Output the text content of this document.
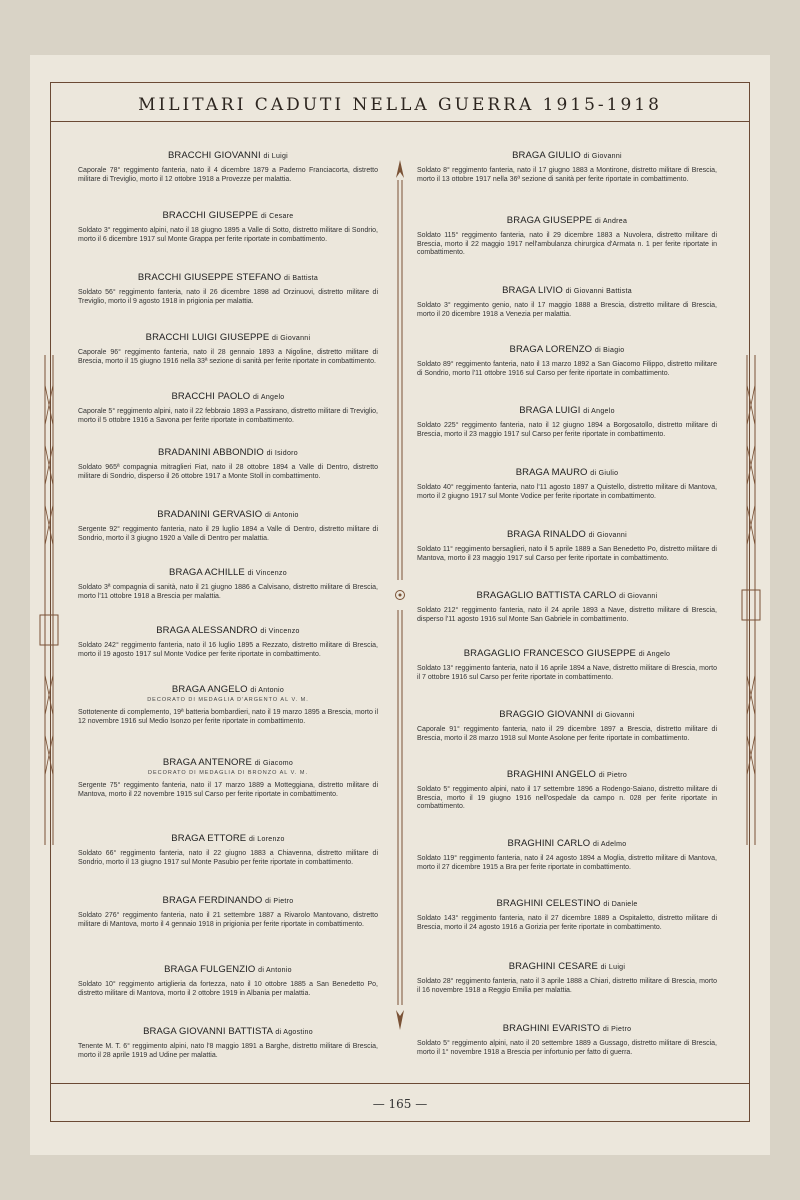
MILITARI CADUTI NELLA GUERRA 1915-1918
BRACCHI GIOVANNI di Luigi
Caporale 78° reggimento fanteria, nato il 4 dicembre 1879 a Paderno Franciacorta, distretto militare di Treviglio, morto il 12 ottobre 1918 a Provezze per malattia.
BRACCHI GIUSEPPE di Cesare
Soldato 3° reggimento alpini, nato il 18 giugno 1895 a Valle di Sotto, distretto militare di Sondrio, morto il 6 dicembre 1917 sul Monte Grappa per ferite riportate in combattimento.
BRACCHI GIUSEPPE STEFANO di Battista
Soldato 56° reggimento fanteria, nato il 26 dicembre 1898 ad Orzinuovi, distretto militare di Treviglio, morto il 9 agosto 1918 in prigionia per malattia.
BRACCHI LUIGI GIUSEPPE di Giovanni
Caporale 96° reggimento fanteria, nato il 28 gennaio 1893 a Nigoline, distretto militare di Brescia, morto il 15 giugno 1916 nella 33ª sezione di sanità per ferite riportate in combattimento.
BRACCHI PAOLO di Angelo
Caporale 5° reggimento alpini, nato il 22 febbraio 1893 a Passirano, distretto militare di Treviglio, morto il 5 ottobre 1916 a Savona per ferite riportate in combattimento.
BRADANINI ABBONDIO di Isidoro
Soldato 965ª compagnia mitraglieri Fiat, nato il 28 ottobre 1894 a Valle di Dentro, distretto militare di Sondrio, disperso il 26 ottobre 1917 a Monte Stoll in combattimento.
BRADANINI GERVASIO di Antonio
Sergente 92° reggimento fanteria, nato il 29 luglio 1894 a Valle di Dentro, distretto militare di Sondrio, morto il 3 giugno 1920 a Valle di Dentro per malattia.
BRAGA ACHILLE di Vincenzo
Soldato 3ª compagnia di sanità, nato il 21 giugno 1886 a Calvisano, distretto militare di Brescia, morto l'11 ottobre 1918 a Brescia per malattia.
BRAGA ALESSANDRO di Vincenzo
Soldato 242° reggimento fanteria, nato il 16 luglio 1895 a Rezzato, distretto militare di Brescia, morto il 19 agosto 1917 sul Monte Vodice per ferite riportate in combattimento.
BRAGA ANGELO di Antonio
DECORATO DI MEDAGLIA D'ARGENTO AL V. M.
Sottotenente di complemento, 19ª batteria bombardieri, nato il 19 marzo 1895 a Brescia, morto il 12 novembre 1916 sul Medio Isonzo per ferite riportate in combattimento.
BRAGA ANTENORE di Giacomo
DECORATO DI MEDAGLIA DI BRONZO AL V. M.
Sergente 75° reggimento fanteria, nato il 17 marzo 1889 a Motteggiana, distretto militare di Mantova, morto il 22 novembre 1915 sul Carso per ferite riportate in combattimento.
BRAGA ETTORE di Lorenzo
Soldato 66° reggimento fanteria, nato il 22 giugno 1883 a Chiavenna, distretto militare di Sondrio, morto il 13 giugno 1917 sul Monte Pasubio per ferite riportate in combattimento.
BRAGA FERDINANDO di Pietro
Soldato 276° reggimento fanteria, nato il 21 settembre 1887 a Rivarolo Mantovano, distretto militare di Mantova, morto il 4 gennaio 1918 in prigionia per ferite riportate in combattimento.
BRAGA FULGENZIO di Antonio
Soldato 10° reggimento artiglieria da fortezza, nato il 10 ottobre 1885 a San Benedetto Po, distretto militare di Mantova, morto il 2 ottobre 1919 in Albania per malattia.
BRAGA GIOVANNI BATTISTA di Agostino
Tenente M. T. 6° reggimento alpini, nato l'8 maggio 1891 a Barghe, distretto militare di Brescia, morto il 28 aprile 1919 ad Udine per malattia.
BRAGA GIULIO di Giovanni
Soldato 8° reggimento fanteria, nato il 17 giugno 1883 a Montirone, distretto militare di Brescia, morto il 13 ottobre 1917 nella 36ª sezione di sanità per ferite riportate in combattimento.
BRAGA GIUSEPPE di Andrea
Soldato 115° reggimento fanteria, nato il 29 dicembre 1883 a Nuvolera, distretto militare di Brescia, morto il 22 maggio 1917 nell'ambulanza chirurgica d'Armata n. 1 per ferite riportate in combattimento.
BRAGA LIVIO di Giovanni Battista
Soldato 3° reggimento genio, nato il 17 maggio 1888 a Brescia, distretto militare di Brescia, morto il 20 dicembre 1918 a Venezia per malattia.
BRAGA LORENZO di Biagio
Soldato 89° reggimento fanteria, nato il 13 marzo 1892 a San Giacomo Filippo, distretto militare di Sondrio, morto l'11 ottobre 1916 sul Carso per ferite riportate in combattimento.
BRAGA LUIGI di Angelo
Soldato 225° reggimento fanteria, nato il 12 giugno 1894 a Borgosatollo, distretto militare di Brescia, morto il 23 maggio 1917 sul Carso per ferite riportate in combattimento.
BRAGA MAURO di Giulio
Soldato 40° reggimento fanteria, nato l'11 agosto 1897 a Quistello, distretto militare di Mantova, morto il 2 giugno 1917 sul Monte Vodice per ferite riportate in combattimento.
BRAGA RINALDO di Giovanni
Soldato 11° reggimento bersaglieri, nato il 5 aprile 1889 a San Benedetto Po, distretto militare di Mantova, morto il 23 maggio 1917 sul Carso per ferite riportate in combattimento.
BRAGAGLIO BATTISTA CARLO di Giovanni
Soldato 212° reggimento fanteria, nato il 24 aprile 1893 a Nave, distretto militare di Brescia, disperso l'11 agosto 1916 sul Monte San Gabriele in combattimento.
BRAGAGLIO FRANCESCO GIUSEPPE di Angelo
Soldato 13° reggimento fanteria, nato il 16 aprile 1894 a Nave, distretto militare di Brescia, morto il 7 ottobre 1916 sul Carso per ferite riportate in combattimento.
BRAGGIO GIOVANNI di Giovanni
Caporale 91° reggimento fanteria, nato il 29 dicembre 1897 a Brescia, distretto militare di Brescia, morto il 28 marzo 1918 sul Monte Asolone per ferite riportate in combattimento.
BRAGHINI ANGELO di Pietro
Soldato 5° reggimento alpini, nato il 17 settembre 1896 a Rodengo-Saiano, distretto militare di Brescia, morto il 19 giugno 1916 nell'ospedale da campo n. 028 per ferite riportate in combattimento.
BRAGHINI CARLO di Adelmo
Soldato 119° reggimento fanteria, nato il 24 agosto 1894 a Moglia, distretto militare di Mantova, morto il 27 dicembre 1915 a Bra per ferite riportate in combattimento.
BRAGHINI CELESTINO di Daniele
Soldato 143° reggimento fanteria, nato il 27 dicembre 1889 a Ospitaletto, distretto militare di Brescia, morto il 24 agosto 1916 a Gorizia per ferite riportate in combattimento.
BRAGHINI CESARE di Luigi
Soldato 28° reggimento fanteria, nato il 3 aprile 1888 a Chiari, distretto militare di Brescia, morto il 16 novembre 1918 a Reggio Emilia per malattia.
BRAGHINI EVARISTO di Pietro
Soldato 5° reggimento alpini, nato il 20 settembre 1889 a Gussago, distretto militare di Brescia, morto il 1° novembre 1918 a Brescia per infortunio per fatto di guerra.
— 165 —
